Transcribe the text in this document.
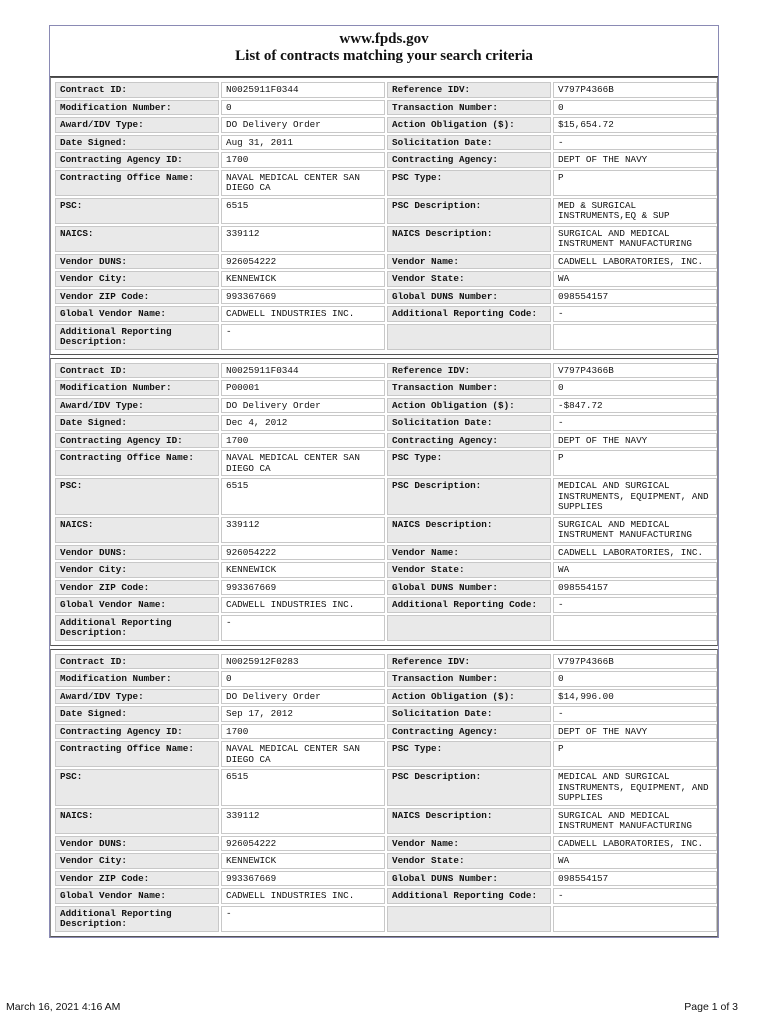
www.fpds.gov
List of contracts matching your search criteria
Contract ID:	N0025911F0344	Reference IDV:	V797P4366B
Modification Number:	0	Transaction Number:	0
Award/IDV Type:	DO Delivery Order	Action Obligation ($):	$15,654.72
Date Signed:	Aug 31, 2011	Solicitation Date:	-
Contracting Agency ID:	1700	Contracting Agency:	DEPT OF THE NAVY
Contracting Office Name:	NAVAL MEDICAL CENTER SAN DIEGO CA	PSC Type:	P
PSC:	6515	PSC Description:	MED & SURGICAL INSTRUMENTS,EQ & SUP
NAICS:	339112	NAICS Description:	SURGICAL AND MEDICAL INSTRUMENT MANUFACTURING
Vendor DUNS:	926054222	Vendor Name:	CADWELL LABORATORIES, INC.
Vendor City:	KENNEWICK	Vendor State:	WA
Vendor ZIP Code:	993367669	Global DUNS Number:	098554157
Global Vendor Name:	CADWELL INDUSTRIES INC.	Additional Reporting Code:	-
Additional Reporting Description:	-		
Contract ID:	N0025911F0344	Reference IDV:	V797P4366B
Modification Number:	P00001	Transaction Number:	0
Award/IDV Type:	DO Delivery Order	Action Obligation ($):	-$847.72
Date Signed:	Dec 4, 2012	Solicitation Date:	-
Contracting Agency ID:	1700	Contracting Agency:	DEPT OF THE NAVY
Contracting Office Name:	NAVAL MEDICAL CENTER SAN DIEGO CA	PSC Type:	P
PSC:	6515	PSC Description:	MEDICAL AND SURGICAL INSTRUMENTS, EQUIPMENT, AND SUPPLIES
NAICS:	339112	NAICS Description:	SURGICAL AND MEDICAL INSTRUMENT MANUFACTURING
Vendor DUNS:	926054222	Vendor Name:	CADWELL LABORATORIES, INC.
Vendor City:	KENNEWICK	Vendor State:	WA
Vendor ZIP Code:	993367669	Global DUNS Number:	098554157
Global Vendor Name:	CADWELL INDUSTRIES INC.	Additional Reporting Code:	-
Additional Reporting Description:	-		
Contract ID:	N0025912F0283	Reference IDV:	V797P4366B
Modification Number:	0	Transaction Number:	0
Award/IDV Type:	DO Delivery Order	Action Obligation ($):	$14,996.00
Date Signed:	Sep 17, 2012	Solicitation Date:	-
Contracting Agency ID:	1700	Contracting Agency:	DEPT OF THE NAVY
Contracting Office Name:	NAVAL MEDICAL CENTER SAN DIEGO CA	PSC Type:	P
PSC:	6515	PSC Description:	MEDICAL AND SURGICAL INSTRUMENTS, EQUIPMENT, AND SUPPLIES
NAICS:	339112	NAICS Description:	SURGICAL AND MEDICAL INSTRUMENT MANUFACTURING
Vendor DUNS:	926054222	Vendor Name:	CADWELL LABORATORIES, INC.
Vendor City:	KENNEWICK	Vendor State:	WA
Vendor ZIP Code:	993367669	Global DUNS Number:	098554157
Global Vendor Name:	CADWELL INDUSTRIES INC.	Additional Reporting Code:	-
Additional Reporting Description:	-		
March 16, 2021 4:16 AM	Page 1 of 3
